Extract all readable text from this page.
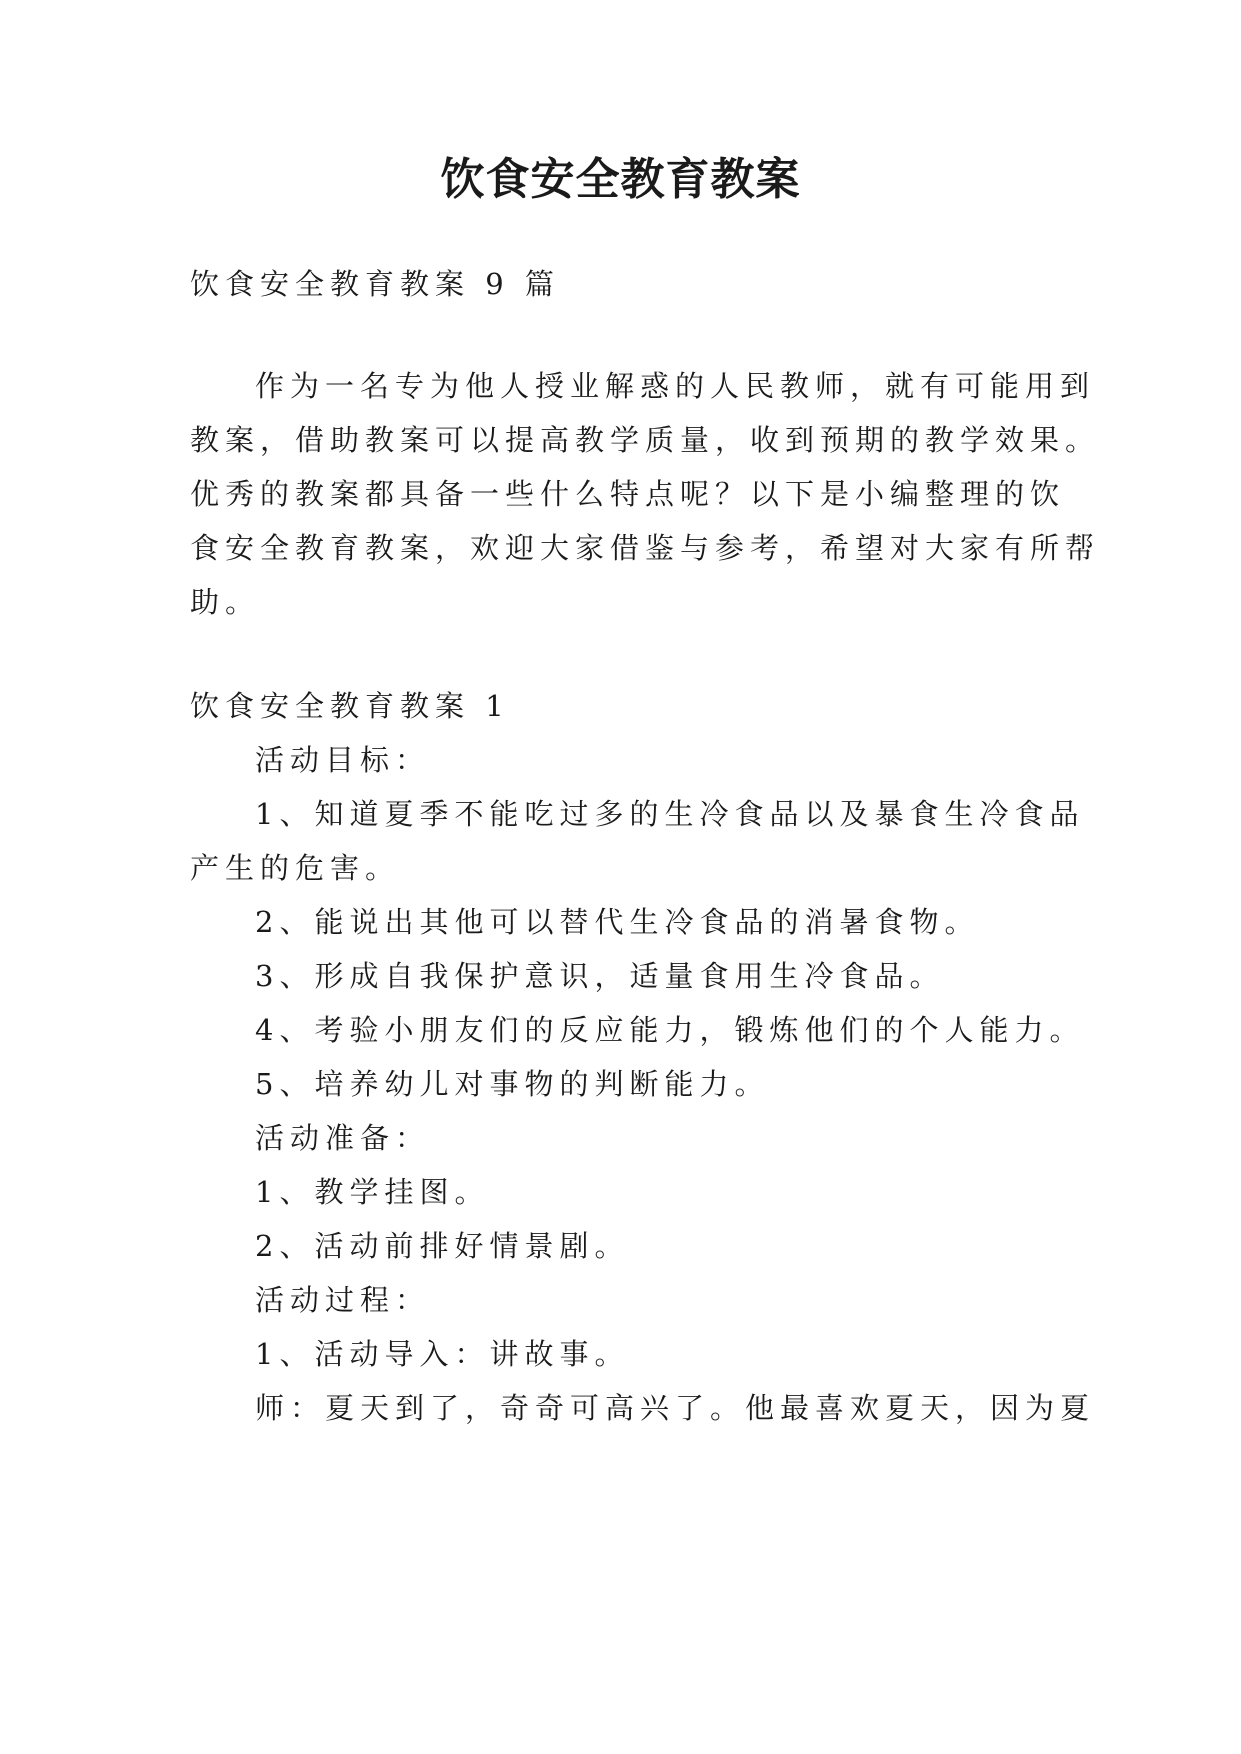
饮食安全教育教案
饮食安全教育教案 9 篇
作为一名专为他人授业解惑的人民教师，就有可能用到
教案，借助教案可以提高教学质量，收到预期的教学效果。
优秀的教案都具备一些什么特点呢？以下是小编整理的饮
食安全教育教案，欢迎大家借鉴与参考，希望对大家有所帮
助。
饮食安全教育教案 1
活动目标：
1、知道夏季不能吃过多的生冷食品以及暴食生冷食品
产生的危害。
2、能说出其他可以替代生冷食品的消暑食物。
3、形成自我保护意识，适量食用生冷食品。
4、考验小朋友们的反应能力，锻炼他们的个人能力。
5、培养幼儿对事物的判断能力。
活动准备：
1、教学挂图。
2、活动前排好情景剧。
活动过程：
1、活动导入：讲故事。
师：夏天到了，奇奇可高兴了。他最喜欢夏天，因为夏
